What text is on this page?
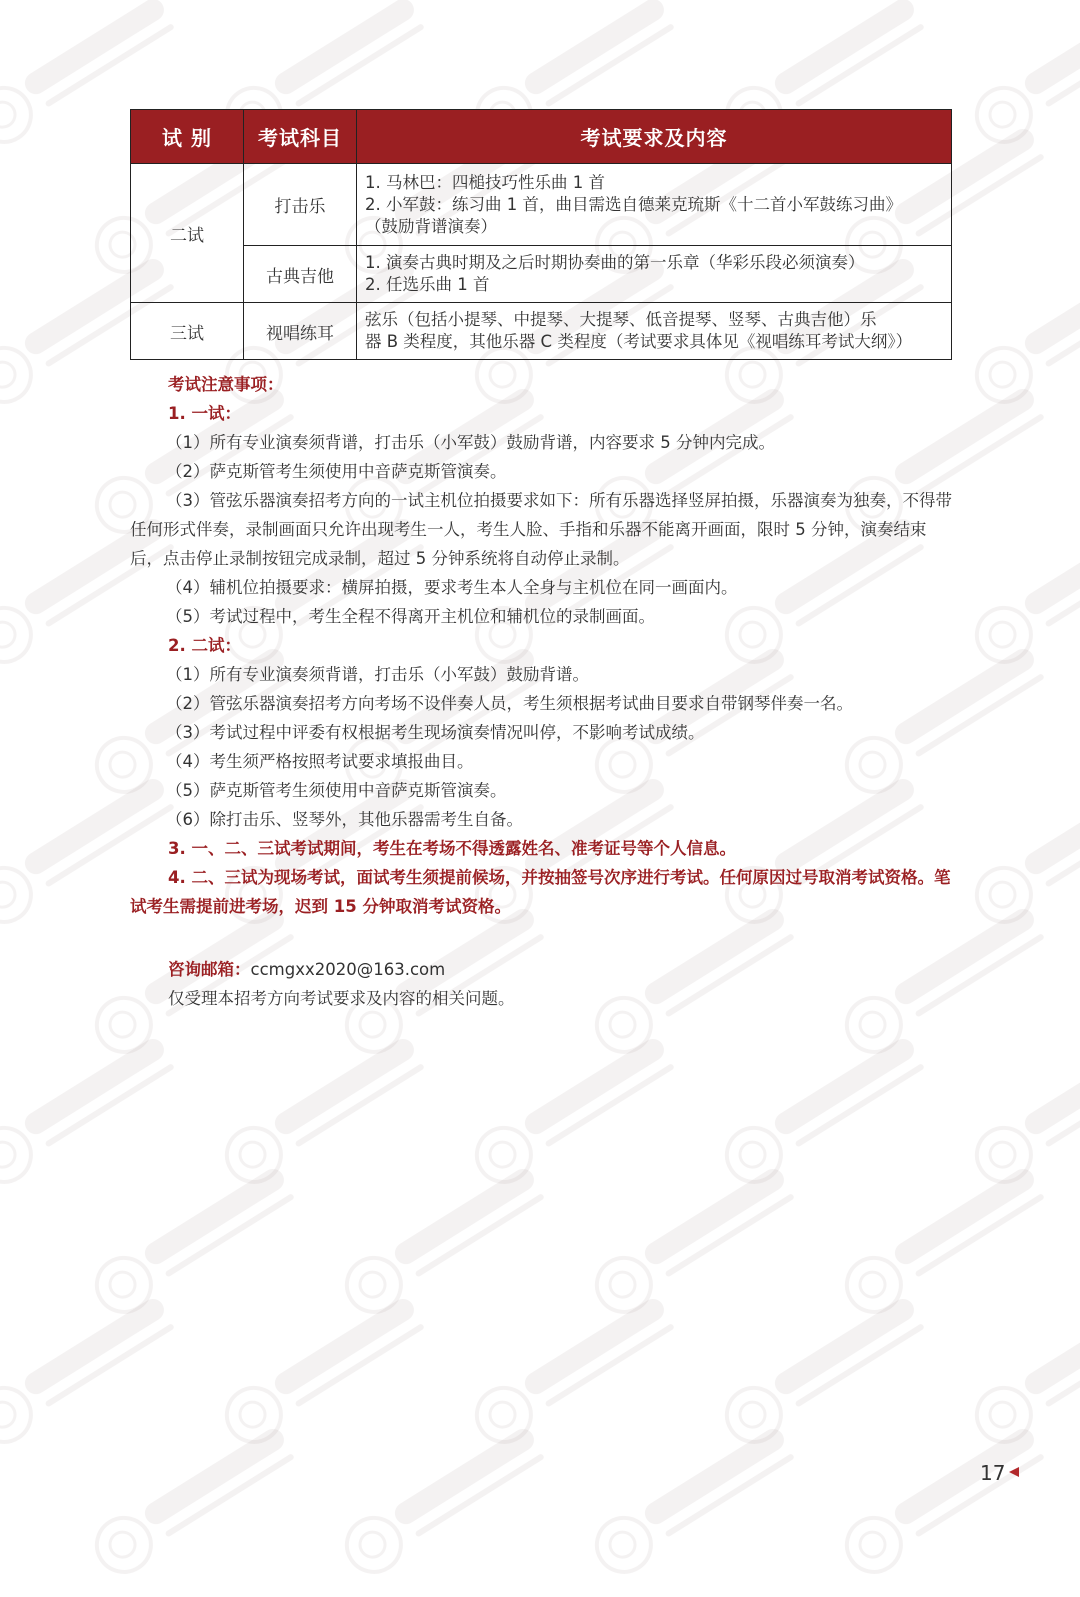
试 别	考试科目	考试要求及内容
二试	打击乐	1. 马林巴：四槌技巧性乐曲 1 首
2. 小军鼓：练习曲 1 首，曲目需选自德莱克琉斯《十二首小军鼓练习曲》
（鼓励背谱演奏）

	古典吉他	1. 演奏古典时期及之后时期协奏曲的第一乐章（华彩乐段必须演奏）
2. 任选乐曲 1 首

三试	视唱练耳	弦乐（包括小提琴、中提琴、大提琴、低音提琴、竖琴、古典吉他）乐
器 B 类程度，其他乐器 C 类程度（考试要求具体见《视唱练耳考试大纲》）

考试注意事项：

1. 一试：

（1）所有专业演奏须背谱，打击乐（小军鼓）鼓励背谱，内容要求 5 分钟内完成。

（2）萨克斯管考生须使用中音萨克斯管演奏。

（3）管弦乐器演奏招考方向的一试主机位拍摄要求如下：所有乐器选择竖屏拍摄，乐器演奏为独奏，不得带任何形式伴奏，录制画面只允许出现考生一人，考生人脸、手指和乐器不能离开画面，限时 5 分钟，演奏结束后，点击停止录制按钮完成录制，超过 5 分钟系统将自动停止录制。

（4）辅机位拍摄要求：横屏拍摄，要求考生本人全身与主机位在同一画面内。

（5）考试过程中，考生全程不得离开主机位和辅机位的录制画面。

2. 二试：

（1）所有专业演奏须背谱，打击乐（小军鼓）鼓励背谱。

（2）管弦乐器演奏招考方向考场不设伴奏人员，考生须根据考试曲目要求自带钢琴伴奏一名。

（3）考试过程中评委有权根据考生现场演奏情况叫停，不影响考试成绩。

（4）考生须严格按照考试要求填报曲目。

（5）萨克斯管考生须使用中音萨克斯管演奏。

（6）除打击乐、竖琴外，其他乐器需考生自备。

3. 一、二、三试考试期间，考生在考场不得透露姓名、准考证号等个人信息。

4. 二、三试为现场考试，面试考生须提前候场，并按抽签号次序进行考试。任何原因过号取消考试资格。笔试考生需提前进考场，迟到 15 分钟取消考试资格。

咨询邮箱：ccmgxx2020@163.com
仅受理本招考方向考试要求及内容的相关问题。
17
